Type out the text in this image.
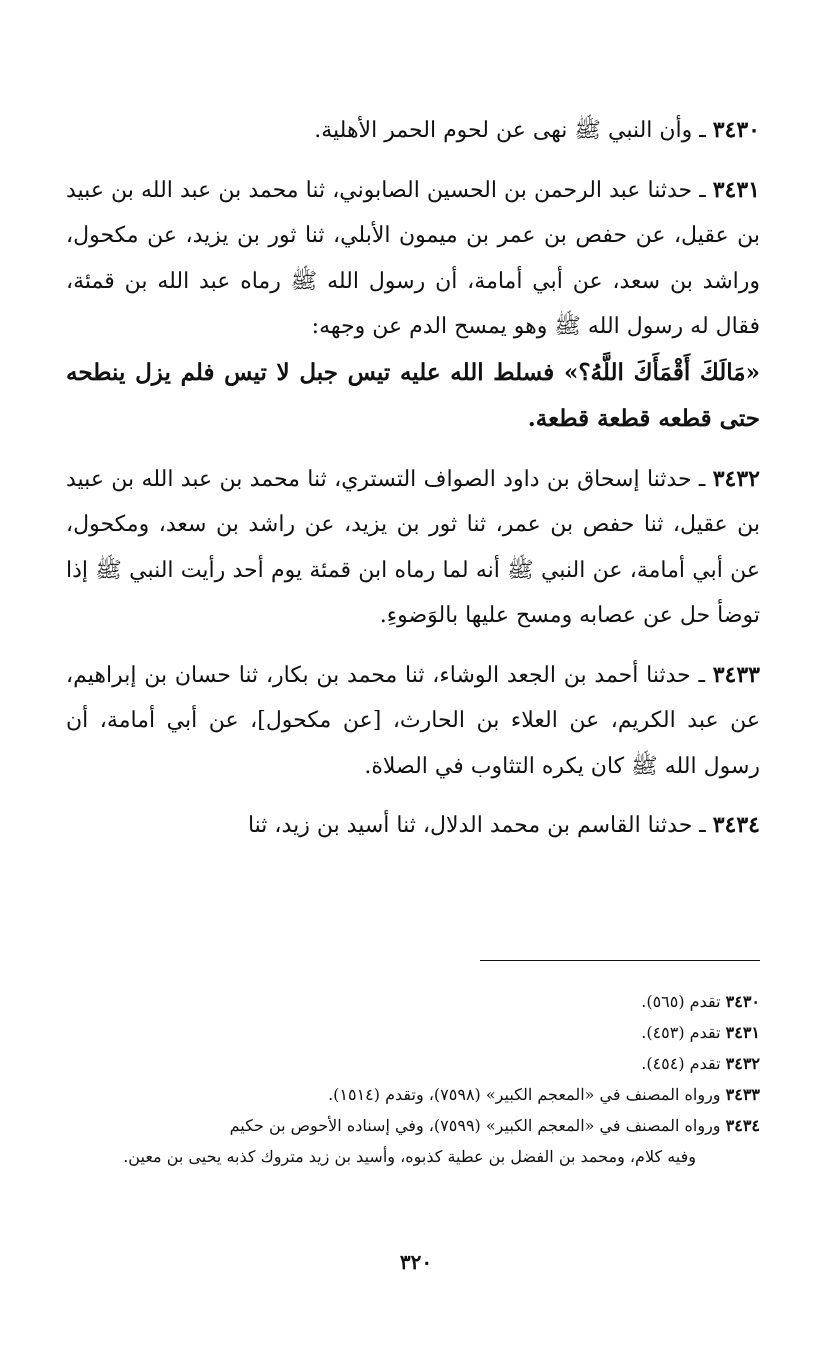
٣٤٣٠ ـ وأن النبي ﷺ نهى عن لحوم الحمر الأهلية.

٣٤٣١ ـ حدثنا عبد الرحمن بن الحسين الصابوني، ثنا محمد بن عبد الله بن عبيد بن عقيل، عن حفص بن عمر بن ميمون الأبلي، ثنا ثور بن يزيد، عن مكحول، وراشد بن سعد، عن أبي أمامة، أن رسول الله ﷺ رماه عبد الله بن قمئة، فقال له رسول الله ﷺ وهو يمسح الدم عن وجهه:
«مَالَكَ أَقْمَأَكَ اللَّهُ؟» فسلط الله عليه تيس جبل لا تيس فلم يزل ينطحه حتى قطعه قطعة قطعة.

٣٤٣٢ ـ حدثنا إسحاق بن داود الصواف التستري، ثنا محمد بن عبد الله بن عبيد بن عقيل، ثنا حفص بن عمر، ثنا ثور بن يزيد، عن راشد بن سعد، ومكحول، عن أبي أمامة، عن النبي ﷺ أنه لما رماه ابن قمئة يوم أحد رأيت النبي ﷺ إذا توضأ حل عن عصابه ومسح عليها بالوَضوءِ.

٣٤٣٣ ـ حدثنا أحمد بن الجعد الوشاء، ثنا محمد بن بكار، ثنا حسان بن إبراهيم، عن عبد الكريم، عن العلاء بن الحارث، [عن مكحول]، عن أبي أمامة، أن رسول الله ﷺ كان يكره التثاوب في الصلاة.

٣٤٣٤ ـ حدثنا القاسم بن محمد الدلال، ثنا أسيد بن زيد، ثنا

٣٤٣٠ تقدم (٥٦٥).

٣٤٣١ تقدم (٤٥٣).

٣٤٣٢ تقدم (٤٥٤).

٣٤٣٣ ورواه المصنف في «المعجم الكبير» (٧٥٩٨)، وتقدم (١٥١٤).

٣٤٣٤ ورواه المصنف في «المعجم الكبير» (٧٥٩٩)، وفي إسناده الأحوص بن حكيم

وفيه كلام، ومحمد بن الفضل بن عطية كذبوه، وأسيد بن زيد متروك كذبه يحيى بن معين.

٣٢٠
